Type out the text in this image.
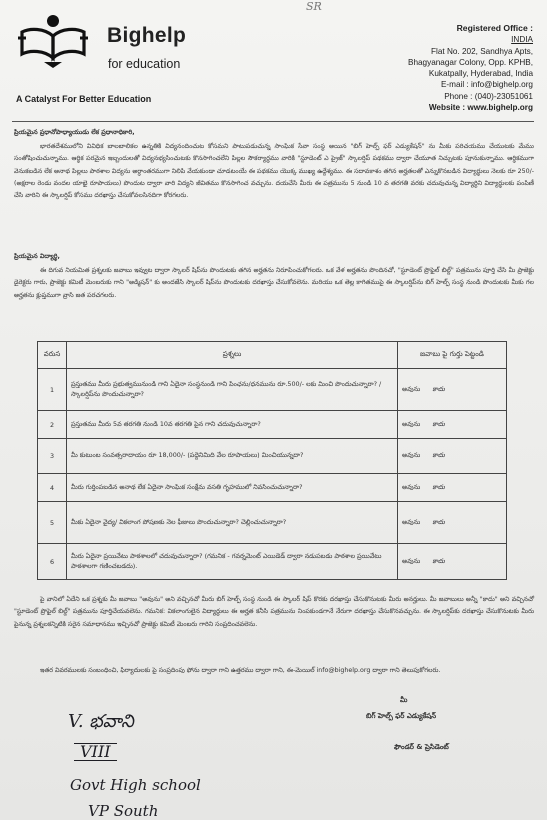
SR
Bighelp
for education
A Catalyst For Better Education
Registered Office :
INDIA
Flat No. 202, Sandhya Apts,
Bhagyanagar Colony, Opp. KPHB,
Kukatpally, Hyderabad, India
E-mail : info@bighelp.org
Phone : (040)-23051061
Website : www.bighelp.org
ప్రియమైన ప్రధానోపాధ్యాయుడు లేక ప్రధానాధికారి,
భారతదేశములోని వివిధిక బాలబాలికల ఉన్నతికి విద్యనందించుట కోసమని పాటుపడుచున్న సాంఘిక సేవా సంస్థ అయిన "బిగ్ హెల్ప్ ఫర్ ఎడ్యుకేషన్" ను మీకు పరిచయము చేయుటకు మేము సంతోషించుచున్నాము. ఆర్థిక పరమైన ఇబ్బందులతో విద్యనభ్యసించుటకు కొనసాగించలేని పిల్లల సౌకర్యార్థము వారికి "స్టూడెంట్ ఎ ప్రైజ్" స్కాలర్షిప్ పథకము ద్వారా చేయూత నిచ్చుటకు పూనుకున్నాము. ఆర్థికముగా వెనుకబడిన లేక అనాథ పిల్లలు పాఠశాల విద్యను అర్ధాంతరముగా నిలిపి వేయకుండా చూడటంయే ఈ పథకము యొక్క ముఖ్య ఉద్దేశ్యము. ఈ సదావకాశం తగిన అర్హతలతో ఎన్నుకొనబడిన విద్యార్థులు నెలకు రూ 250/- (అక్షరాల రెండు వందల యాభై రూపాయలు) పొందుట ద్వారా వారి విద్యని జీవితము కొనసాగించ వచ్చును. దయచేసి మీరు ఈ పత్రమును 5 నుండి 10 వ తరగతి వరకు చదువుచున్న విద్యార్థిని విద్యార్థులకు పంపిణీ చేసి వారిని ఈ స్కాలర్షిప్ కోసము దరఖాస్తు చేసుకోవలసినదిగా కోరగలరు.
ప్రియమైన విద్యార్థి,
ఈ దిగువ నియమిత ప్రశ్నలకు జవాబు ఇవ్వుట ద్వారా స్కాలర్ షిప్‌ను పొందుటకు తగిన అర్హతను నిరూపించుకోగలరు. ఒక వేళ అర్హతను పొందినచో, "స్టూడెంట్ ప్రొఫైల్ బిల్డ్" పత్రమును పూర్తి చేసి మీ ప్రాజెక్టు డైరెక్టరు గారు, ప్రాజెక్టు కమిటీ మెంబరుకు గాని "అడ్మిషన్" కు అందజేసి స్కాలర్ షిప్‌ను పొందుటకు దరఖాస్తు చేసుకోవలెను. మరియు ఒక తెల్ల కాగితముపై ఈ స్కాలర్షిప్‌ను బిగ్ హెల్ప్ సంస్థ నుండి పొందుటకు మీకు గల అర్హతను క్లుప్తముగా వ్రాసి జత పరచగలరు.
వరుస	ప్రశ్నలు	జవాబు పై గుర్తు పెట్టండి
1	ప్రస్తుతము మీరు ప్రభుత్వమునుండి గాని ఏదైనా సంస్థనుండి గాని పింఛను/ధనమును రూ.500/- లకు మించి పొందుచున్నారా? / స్కాలర్షిప్‌ను పొందుచున్నారా?	అవును కాదు
2	ప్రస్తుతము మీరు 5వ తరగతి నుండి 10వ తరగతి పైన గాని చదువుచున్నారా?	అవును కాదు
3	మీ కుటుంబ సంవత్సరాదాయం రూ 18,000/- (పద్దెనిమిది వేల రూపాయలు) మించియున్నదా?	అవును కాదు
4	మీరు గుర్తింపబడిన అనాథ లేక ఏదైనా సాంఘిక సంక్షేమ వసతి గృహములో నివసించుచున్నారా?	అవును కాదు
5	మీకు ఏదైనా వైద్య/ వికలాంగ పోషణకు నెల ఫీజులు పొందుచున్నారా? చెల్లించుచున్నారా?	అవును కాదు
6	మీరు ఏదైనా ప్రయివేటు పాఠశాలలో చదువుచున్నారా? (గమనిక - గవర్నమెంట్ ఎయిడెడ్ ద్వారా నడుపబడు పాఠశాల ప్రయివేటు పాఠశాలగా గణించబడదు).	అవును కాదు
పై వానిలో ఏదేని ఒక ప్రశ్నకు మీ జవాబు "అవును" అని వచ్చినచో మీరు బిగ్ హెల్ప్ సంస్థ నుండి ఈ స్కాలర్ షిప్ కొరకు దరఖాస్తు చేసుకొనుటకు మీరు అనర్హులు. మీ జవాబులు అన్నీ "కాదు" అని వచ్చినచో "స్టూడెంట్ ప్రొఫైల్ బిల్డ్" పత్రమును పూర్తిచేయవలెను. గమనిక: వికలాంగులైన విద్యార్థులు ఈ అర్హత కనీసి పత్రమును నింపకుండగానే నేరుగా దరఖాస్తు చేసుకొనవచ్చును. ఈ స్కాలర్షిప్‌కు దరఖాస్తు చేసుకొనుటకు మీరు పైనున్న ప్రశ్నలకన్నిటికి సరైన సమాధానము ఇచ్చినచో ప్రాజెక్టు కమిటీ మెంబరు గారిని సంప్రదించవలెను.
ఇతర వివరములకు సంబంధించి, ఫిర్యాదులకు పై సంప్రదింపు ఫోను ద్వారా గాని ఉత్తరము ద్వారా గాని, ఈ-మెయిల్ info@bighelp.org ద్వారా గాని తెలుపుకోగలరు.
మీ
బిగ్ హెల్ప్ ఫర్ ఎడ్యుకేషన్
ఫౌండర్ & ప్రెసిడెంట్
V. భవాని
VIII
Govt High school
VP South
